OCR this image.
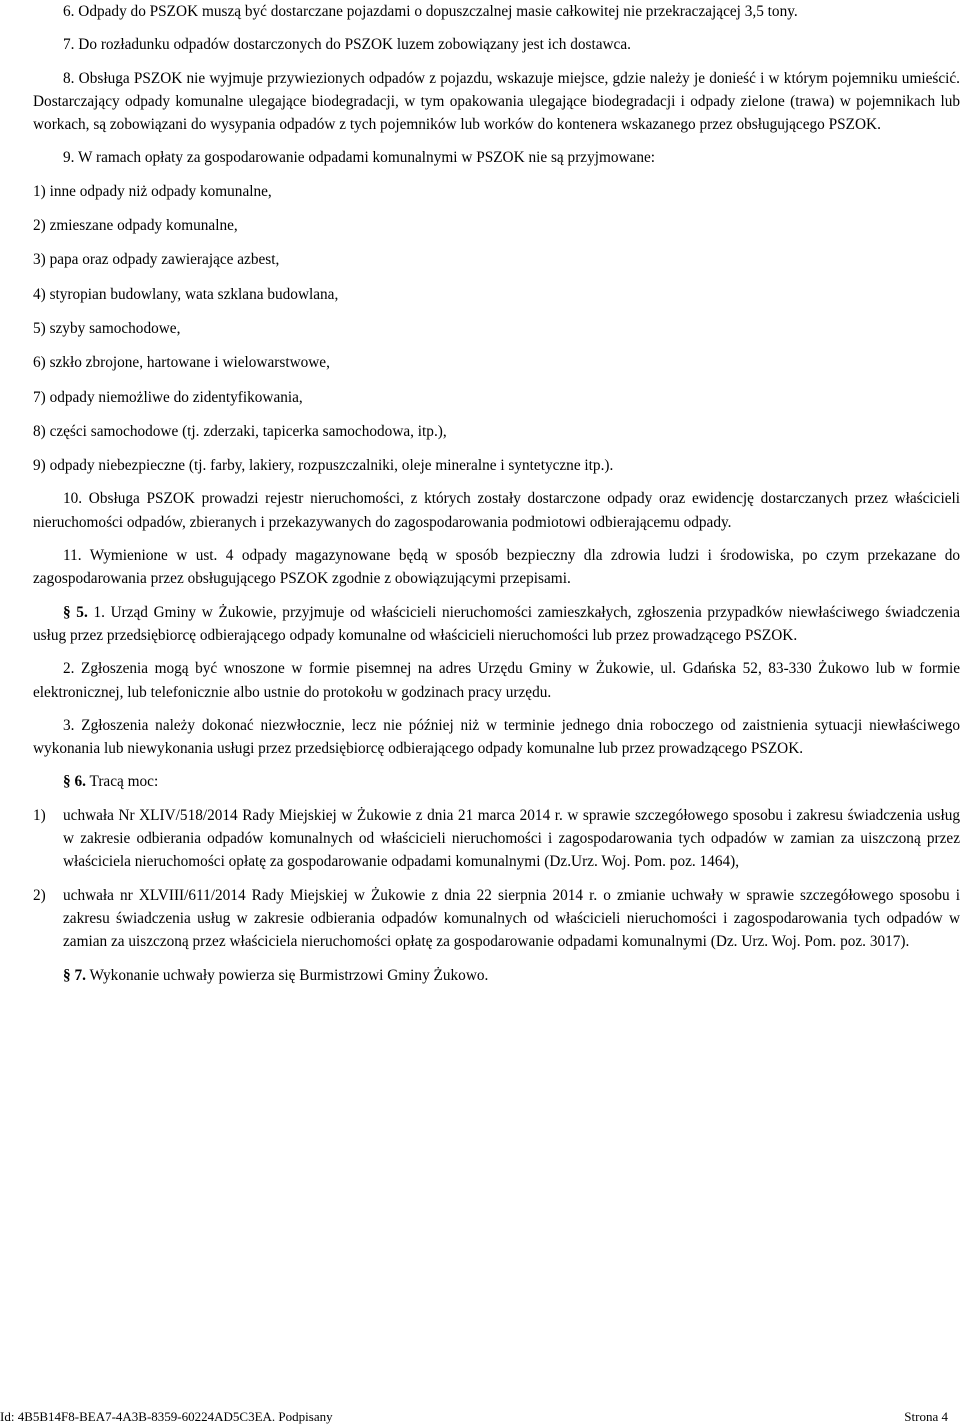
6. Odpady do PSZOK muszą być dostarczane pojazdami o dopuszczalnej masie całkowitej nie przekraczającej 3,5 tony.

7. Do rozładunku odpadów dostarczonych do PSZOK luzem zobowiązany jest ich dostawca.

8. Obsługa PSZOK nie wyjmuje przywiezionych odpadów z pojazdu, wskazuje miejsce, gdzie należy je donieść i w którym pojemniku umieścić. Dostarczający odpady komunalne ulegające biodegradacji, w tym opakowania ulegające biodegradacji i odpady zielone (trawa) w pojemnikach lub workach, są zobowiązani do wysypania odpadów z tych pojemników lub worków do kontenera wskazanego przez obsługującego PSZOK.

9. W ramach opłaty za gospodarowanie odpadami komunalnymi w PSZOK nie są przyjmowane:

1) inne odpady niż odpady komunalne,

2) zmieszane odpady komunalne,

3) papa oraz odpady zawierające azbest,

4) styropian budowlany, wata szklana budowlana,

5) szyby samochodowe,

6) szkło zbrojone, hartowane i wielowarstwowe,

7) odpady niemożliwe do zidentyfikowania,

8) części samochodowe (tj. zderzaki, tapicerka samochodowa, itp.),

9) odpady niebezpieczne (tj. farby, lakiery, rozpuszczalniki, oleje mineralne i syntetyczne itp.).

10. Obsługa PSZOK prowadzi rejestr nieruchomości, z których zostały dostarczone odpady oraz ewidencję dostarczanych przez właścicieli nieruchomości odpadów, zbieranych i przekazywanych do zagospodarowania podmiotowi odbierającemu odpady.

11. Wymienione w ust. 4 odpady magazynowane będą w sposób bezpieczny dla zdrowia ludzi i środowiska, po czym przekazane do zagospodarowania przez obsługującego PSZOK zgodnie z obowiązującymi przepisami.

§ 5. 1. Urząd Gminy w Żukowie, przyjmuje od właścicieli nieruchomości zamieszkałych, zgłoszenia przypadków niewłaściwego świadczenia usług przez przedsiębiorcę odbierającego odpady komunalne od właścicieli nieruchomości lub przez prowadzącego PSZOK.

2. Zgłoszenia mogą być wnoszone w formie pisemnej na adres Urzędu Gminy w Żukowie, ul. Gdańska 52, 83-330 Żukowo lub w formie elektronicznej, lub telefonicznie albo ustnie do protokołu w godzinach pracy urzędu.

3. Zgłoszenia należy dokonać niezwłocznie, lecz nie później niż w terminie jednego dnia roboczego od zaistnienia sytuacji niewłaściwego wykonania lub niewykonania usługi przez przedsiębiorcę odbierającego odpady komunalne lub przez prowadzącego PSZOK.

§ 6. Tracą moc:

1) uchwała Nr XLIV/518/2014 Rady Miejskiej w Żukowie z dnia 21 marca 2014 r. w sprawie szczegółowego sposobu i zakresu świadczenia usług w zakresie odbierania odpadów komunalnych od właścicieli nieruchomości i zagospodarowania tych odpadów w zamian za uiszczoną przez właściciela nieruchomości opłatę za gospodarowanie odpadami komunalnymi (Dz.Urz. Woj. Pom. poz. 1464),
2) uchwała nr XLVIII/611/2014 Rady Miejskiej w Żukowie z dnia 22 sierpnia 2014 r. o zmianie uchwały w sprawie szczegółowego sposobu i zakresu świadczenia usług w zakresie odbierania odpadów komunalnych od właścicieli nieruchomości i zagospodarowania tych odpadów w zamian za uiszczoną przez właściciela nieruchomości opłatę za gospodarowanie odpadami komunalnymi (Dz. Urz. Woj. Pom. poz. 3017).

§ 7. Wykonanie uchwały powierza się Burmistrzowi Gminy Żukowo.

Id: 4B5B14F8-BEA7-4A3B-8359-60224AD5C3EA. Podpisany	Strona 4
